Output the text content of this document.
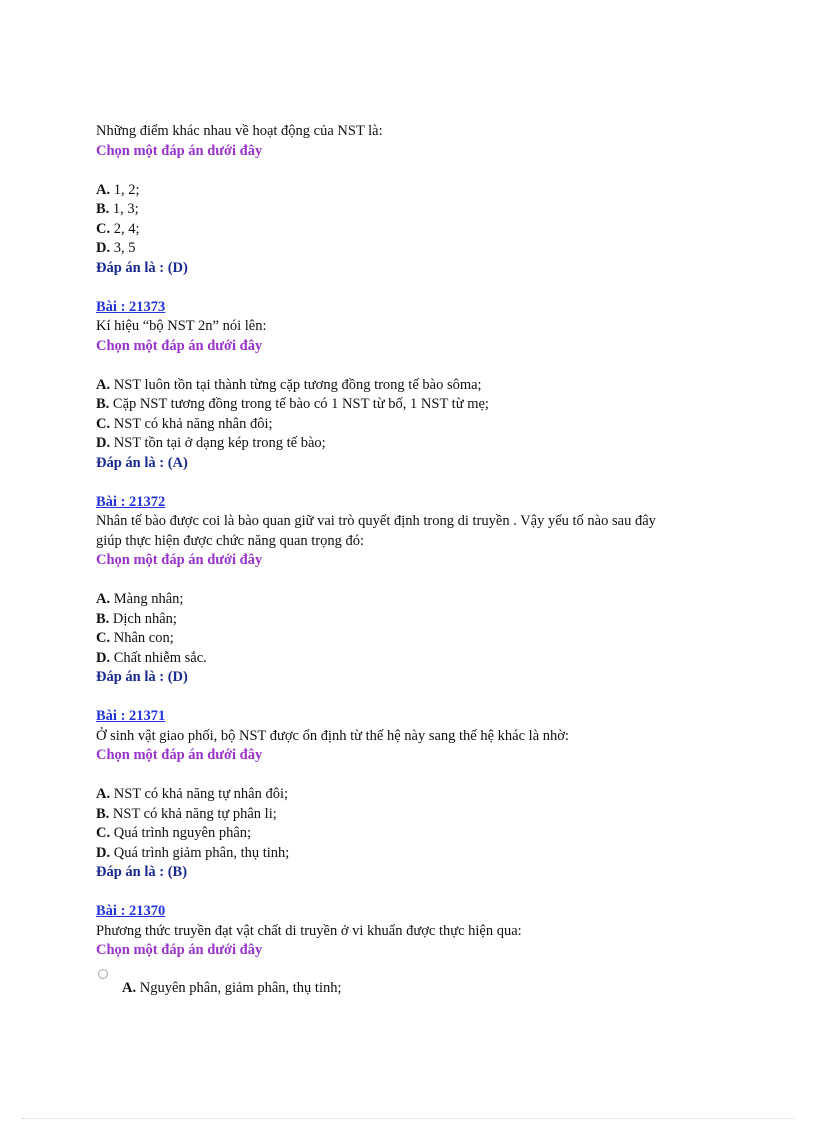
Những điểm khác nhau về hoạt động của NST là:
Chọn một đáp án dưới đây
A. 1, 2;
B. 1, 3;
C. 2, 4;
D. 3, 5
Đáp án là : (D)
Bài : 21373
Kí hiệu “bộ NST 2n” nói lên:
Chọn một đáp án dưới đây
A. NST luôn tồn tại thành từng cặp tương đồng trong tế bào sôma;
B. Cặp NST tương đồng trong tế bào có 1 NST từ bố, 1 NST từ mẹ;
C. NST có khả năng nhân đôi;
D. NST tồn tại ở dạng kép trong tế bào;
Đáp án là : (A)
Bài : 21372
Nhân tế bào được coi là bào quan giữ vai trò quyết định trong di truyền . Vậy yếu tố nào sau đây
giúp thực hiện được chức năng quan trọng đó:
Chọn một đáp án dưới đây
A. Màng nhân;
B. Dịch nhân;
C. Nhân con;
D. Chất nhiễm sắc.
Đáp án là : (D)
Bài : 21371
Ở sinh vật giao phối, bộ NST được ổn định từ thế hệ này sang thế hệ khác là nhờ:
Chọn một đáp án dưới đây
A. NST có khả năng tự nhân đôi;
B. NST có khả năng tự phân li;
C. Quá trình nguyên phân;
D. Quá trình giảm phân, thụ tinh;
Đáp án là : (B)
Bài : 21370
Phương thức truyền đạt vật chất di truyền ở vi khuẩn được thực hiện qua:
Chọn một đáp án dưới đây
A. Nguyên phân, giảm phân, thụ tinh;
